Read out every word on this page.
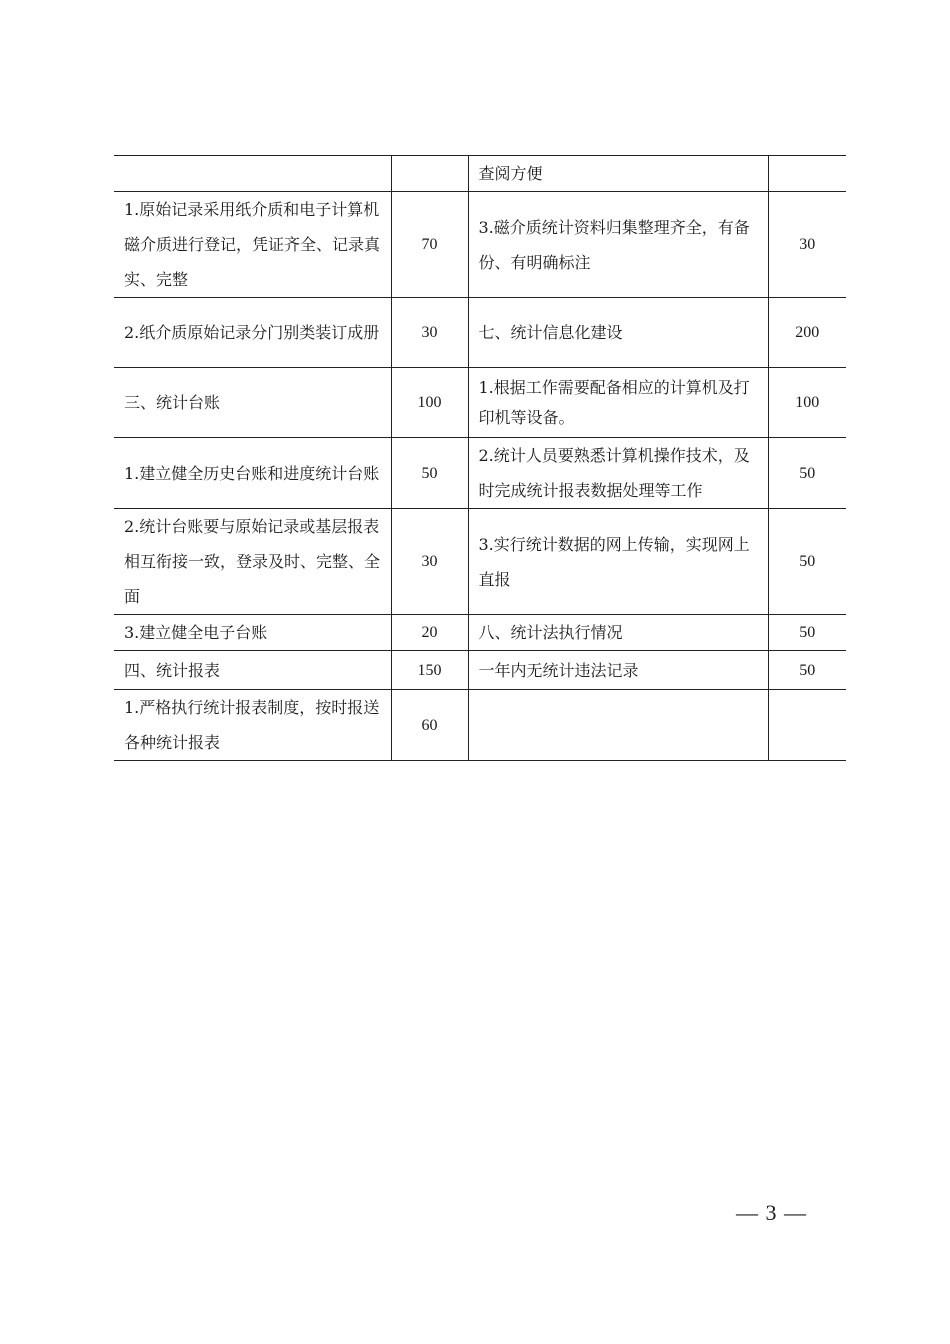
		查阅方便	
1.原始记录采用纸介质和电子计算机磁介质进行登记，凭证齐全、记录真实、完整	70	3.磁介质统计资料归集整理齐全，有备份、有明确标注	30
2.纸介质原始记录分门别类装订成册	30	七、统计信息化建设	200
三、统计台账	100	1.根据工作需要配备相应的计算机及打印机等设备。	100
1.建立健全历史台账和进度统计台账	50	2.统计人员要熟悉计算机操作技术，及时完成统计报表数据处理等工作	50
2.统计台账要与原始记录或基层报表相互衔接一致，登录及时、完整、全面	30	3.实行统计数据的网上传输，实现网上直报	50
3.建立健全电子台账	20	八、统计法执行情况	50
四、统计报表	150	一年内无统计违法记录	50
1.严格执行统计报表制度，按时报送各种统计报表	60		
— 3 —
